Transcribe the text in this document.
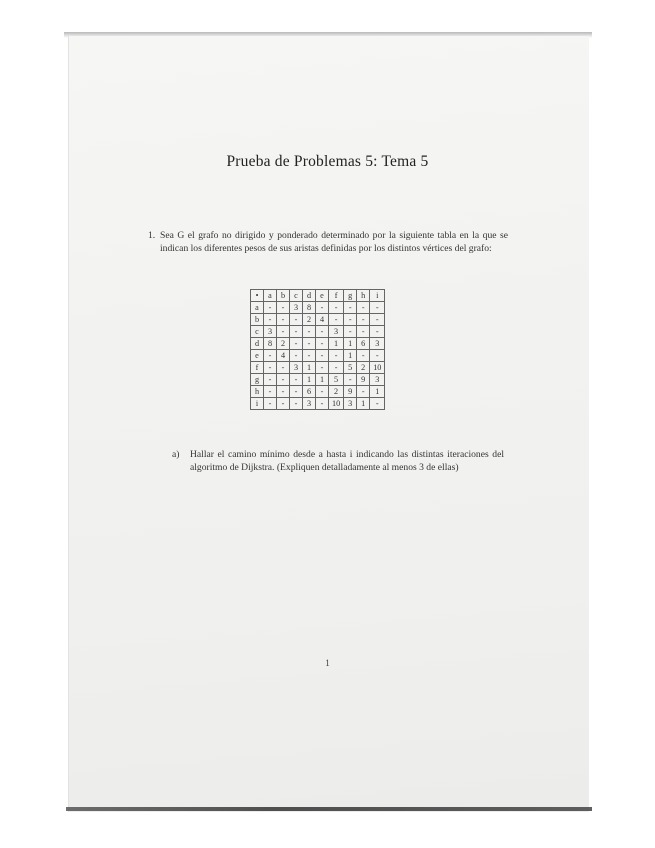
Prueba de Problemas 5: Tema 5
1. Sea G el grafo no dirigido y ponderado determinado por la siguiente tabla en la que se indican los diferentes pesos de sus aristas definidas por los distintos vértices del grafo:
•	a	b	c	d	e	f	g	h	i
a	-	-	3	8	-	-	-	-	-
b	-	-	-	2	4	-	-	-	-
c	3	-	-	-	-	3	-	-	-
d	8	2	-	-	-	1	1	6	3
e	-	4	-	-	-	-	1	-	-
f	-	-	3	1	-	-	5	2	10
g	-	-	-	1	1	5	-	9	3
h	-	-	-	6	-	2	9	-	1
i	-	-	-	3	-	10	3	1	-
a) Hallar el camino mínimo desde a hasta i indicando las distintas iteraciones del algoritmo de Dijkstra. (Expliquen detalladamente al menos 3 de ellas)
1
